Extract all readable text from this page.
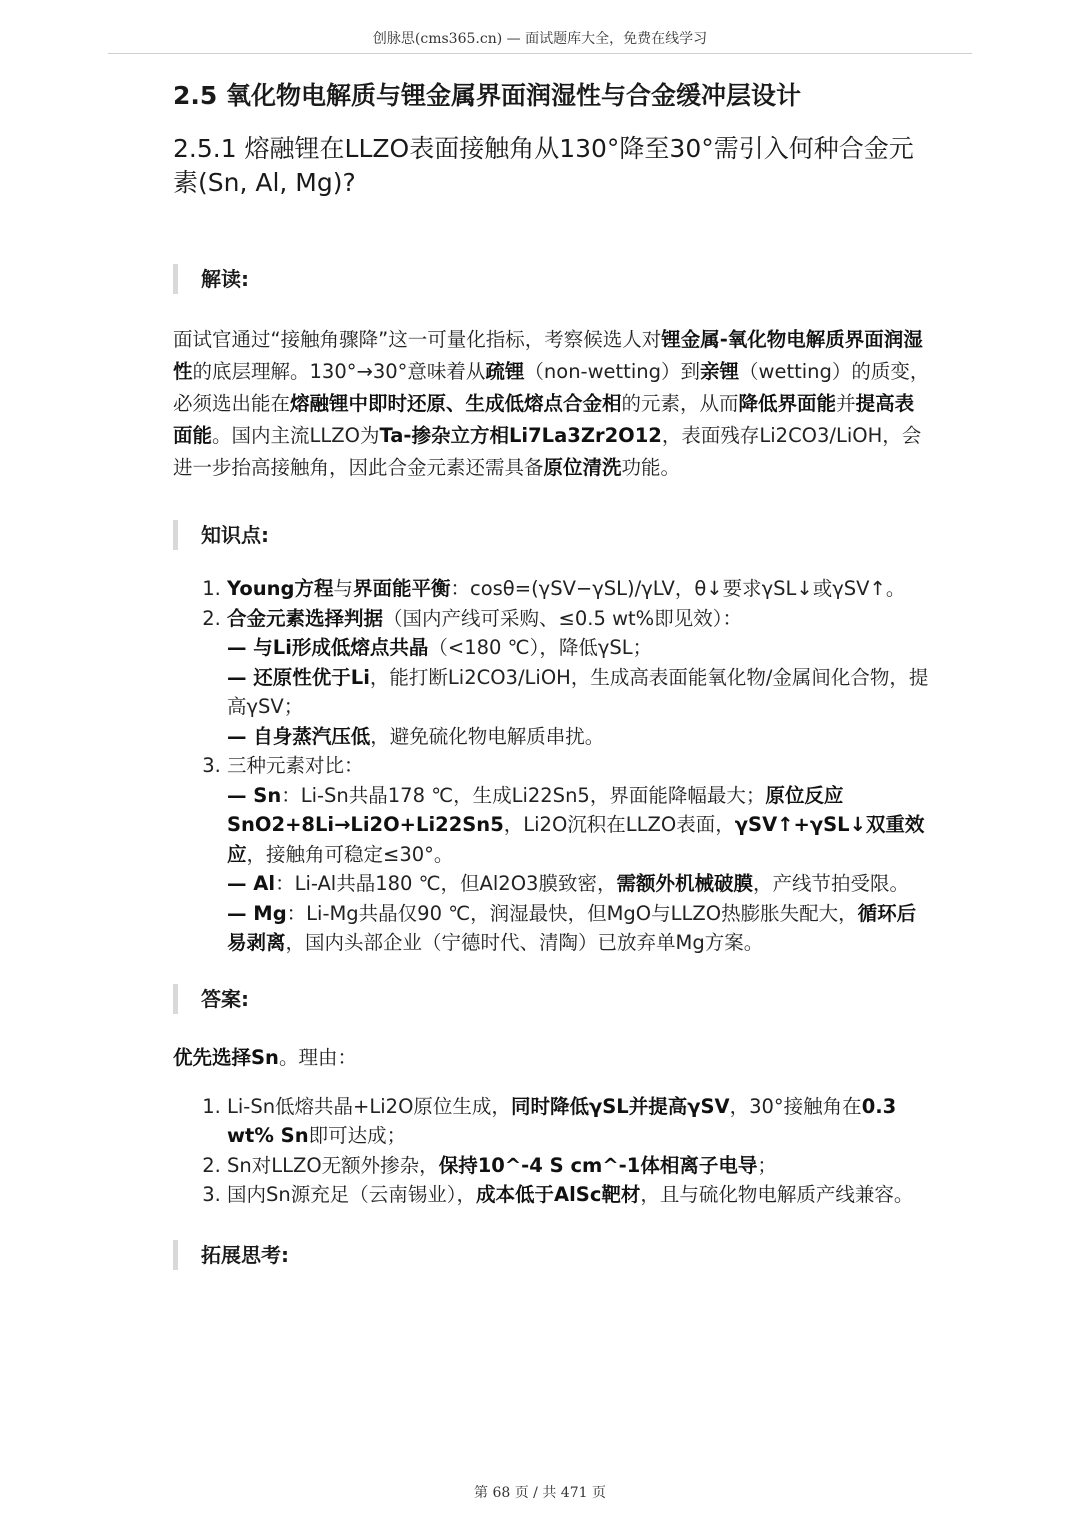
创脉思(cms365.cn) — 面试题库大全，免费在线学习
2.5 氧化物电解质与锂金属界面润湿性与合金缓冲层设计
2.5.1 熔融锂在LLZO表面接触角从130°降至30°需引入何种合金元素(Sn, Al, Mg)?
解读:

面试官通过“接触角骤降”这一可量化指标，考察候选人对锂金属-氧化物电解质界面润湿性的底层理解。130°→30°意味着从疏锂（non-wetting）到亲锂（wetting）的质变，必须选出能在熔融锂中即时还原、生成低熔点合金相的元素，从而降低界面能并提高表面能。国内主流LLZO为Ta-掺杂立方相Li7La3Zr2O12，表面残存Li2CO3/LiOH，会进一步抬高接触角，因此合金元素还需具备原位清洗功能。

知识点:
1. Young方程与界面能平衡：cosθ=(γSV−γSL)/γLV，θ↓要求γSL↓或γSV↑。
2. 合金元素选择判据（国内产线可采购、≤0.5 wt%即见效）：
— 与Li形成低熔点共晶（<180 ℃），降低γSL；
— 还原性优于Li，能打断Li2CO3/LiOH，生成高表面能氧化物/金属间化合物，提高γSV；
— 自身蒸汽压低，避免硫化物电解质串扰。
3. 三种元素对比：
— Sn：Li-Sn共晶178 ℃，生成Li22Sn5，界面能降幅最大；原位反应SnO2+8Li→Li2O+Li22Sn5，Li2O沉积在LLZO表面，γSV↑+γSL↓双重效应，接触角可稳定≤30°。
— Al：Li-Al共晶180 ℃，但Al2O3膜致密，需额外机械破膜，产线节拍受限。
— Mg：Li-Mg共晶仅90 ℃，润湿最快，但MgO与LLZO热膨胀失配大，循环后易剥离，国内头部企业（宁德时代、清陶）已放弃单Mg方案。
答案:

优先选择Sn。理由：

1. Li-Sn低熔共晶+Li2O原位生成，同时降低γSL并提高γSV，30°接触角在0.3 wt% Sn即可达成；
2. Sn对LLZO无额外掺杂，保持10^-4 S cm^-1体相离子电导；
3. 国内Sn源充足（云南锡业），成本低于AlSc靶材，且与硫化物电解质产线兼容。
拓展思考:
第 68 页 / 共 471 页
